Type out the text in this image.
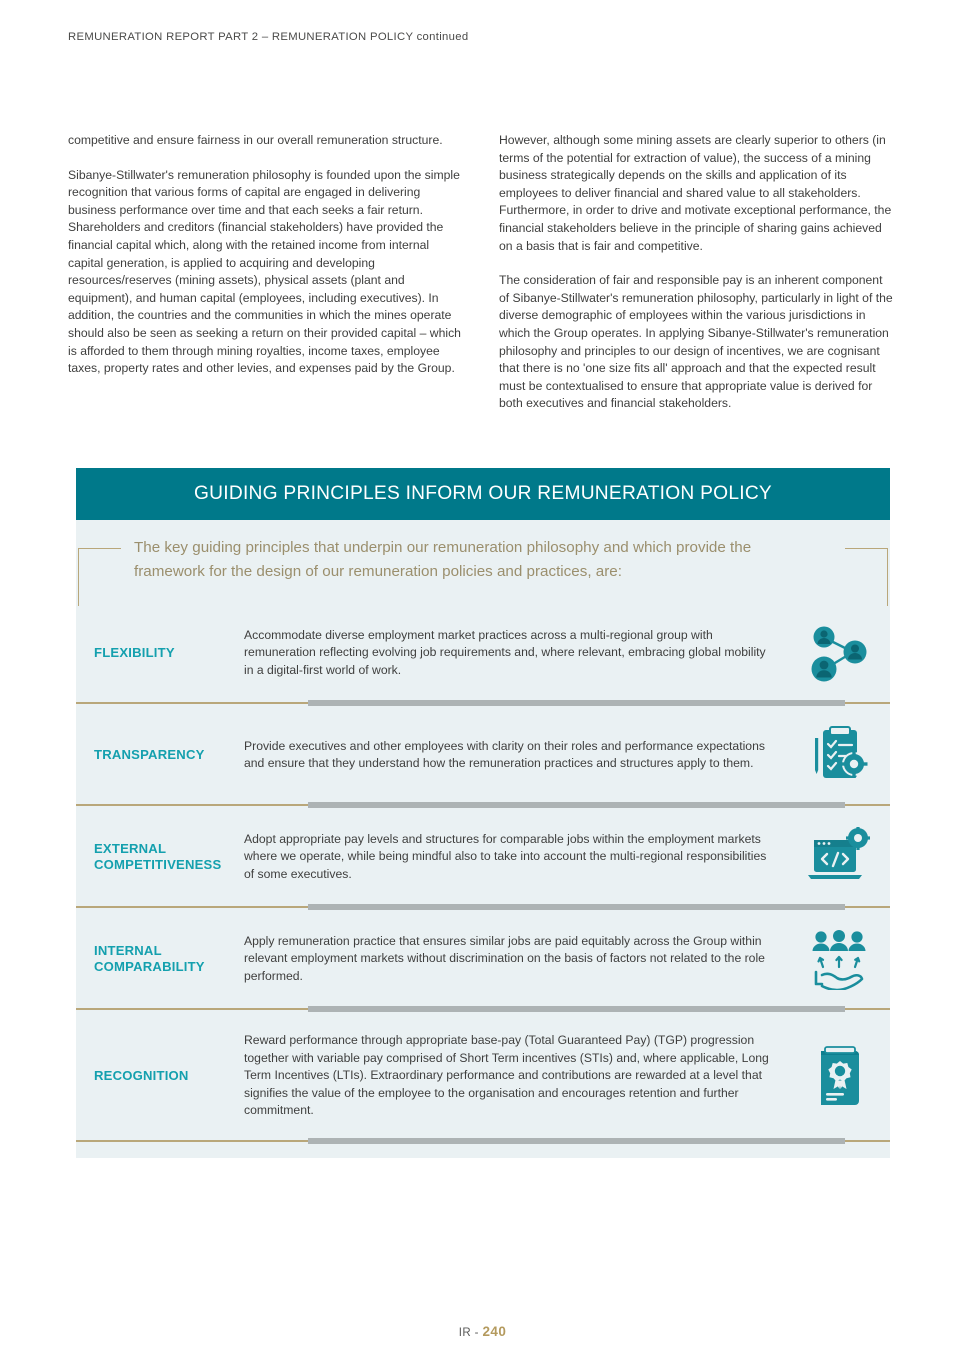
REMUNERATION REPORT PART 2 – REMUNERATION POLICY continued

competitive and ensure fairness in our overall remuneration structure.

Sibanye-Stillwater's remuneration philosophy is founded upon the simple recognition that various forms of capital are engaged in delivering business performance over time and that each seeks a fair return. Shareholders and creditors (financial stakeholders) have provided the financial capital which, along with the retained income from internal capital generation, is applied to acquiring and developing resources/reserves (mining assets), physical assets (plant and equipment), and human capital (employees, including executives). In addition, the countries and the communities in which the mines operate should also be seen as seeking a return on their provided capital – which is afforded to them through mining royalties, income taxes, employee taxes, property rates and other levies, and expenses paid by the Group.

However, although some mining assets are clearly superior to others (in terms of the potential for extraction of value), the success of a mining business strategically depends on the skills and application of its employees to deliver financial and shared value to all stakeholders. Furthermore, in order to drive and motivate exceptional performance, the financial stakeholders believe in the principle of sharing gains achieved on a basis that is fair and competitive.

The consideration of fair and responsible pay is an inherent component of Sibanye-Stillwater's remuneration philosophy, particularly in light of the diverse demographic of employees within the various jurisdictions in which the Group operates. In applying Sibanye-Stillwater's remuneration philosophy and principles to our design of incentives, we are cognisant that there is no 'one size fits all' approach and that the expected result must be contextualised to ensure that appropriate value is derived for both executives and financial stakeholders.

GUIDING PRINCIPLES INFORM OUR REMUNERATION POLICY

The key guiding principles that underpin our remuneration philosophy and which provide the framework for the design of our remuneration policies and practices, are:

FLEXIBILITY
Accommodate diverse employment market practices across a multi-regional group with remuneration reflecting evolving job requirements and, where relevant, embracing global mobility in a digital-first world of work.
TRANSPARENCY
Provide executives and other employees with clarity on their roles and performance expectations and ensure that they understand how the remuneration practices and structures apply to them.
EXTERNAL COMPETITIVENESS
Adopt appropriate pay levels and structures for comparable jobs within the employment markets where we operate, while being mindful also to take into account the multi-regional responsibilities of some executives.
INTERNAL COMPARABILITY
Apply remuneration practice that ensures similar jobs are paid equitably across the Group within relevant employment markets without discrimination on the basis of factors not related to the role performed.
RECOGNITION
Reward performance through appropriate base-pay (Total Guaranteed Pay) (TGP) progression together with variable pay comprised of Short Term incentives (STIs) and, where applicable, Long Term Incentives (LTIs). Extraordinary performance and contributions are rewarded at a level that signifies the value of the employee to the organisation and encourages retention and further commitment.
IR - 240
